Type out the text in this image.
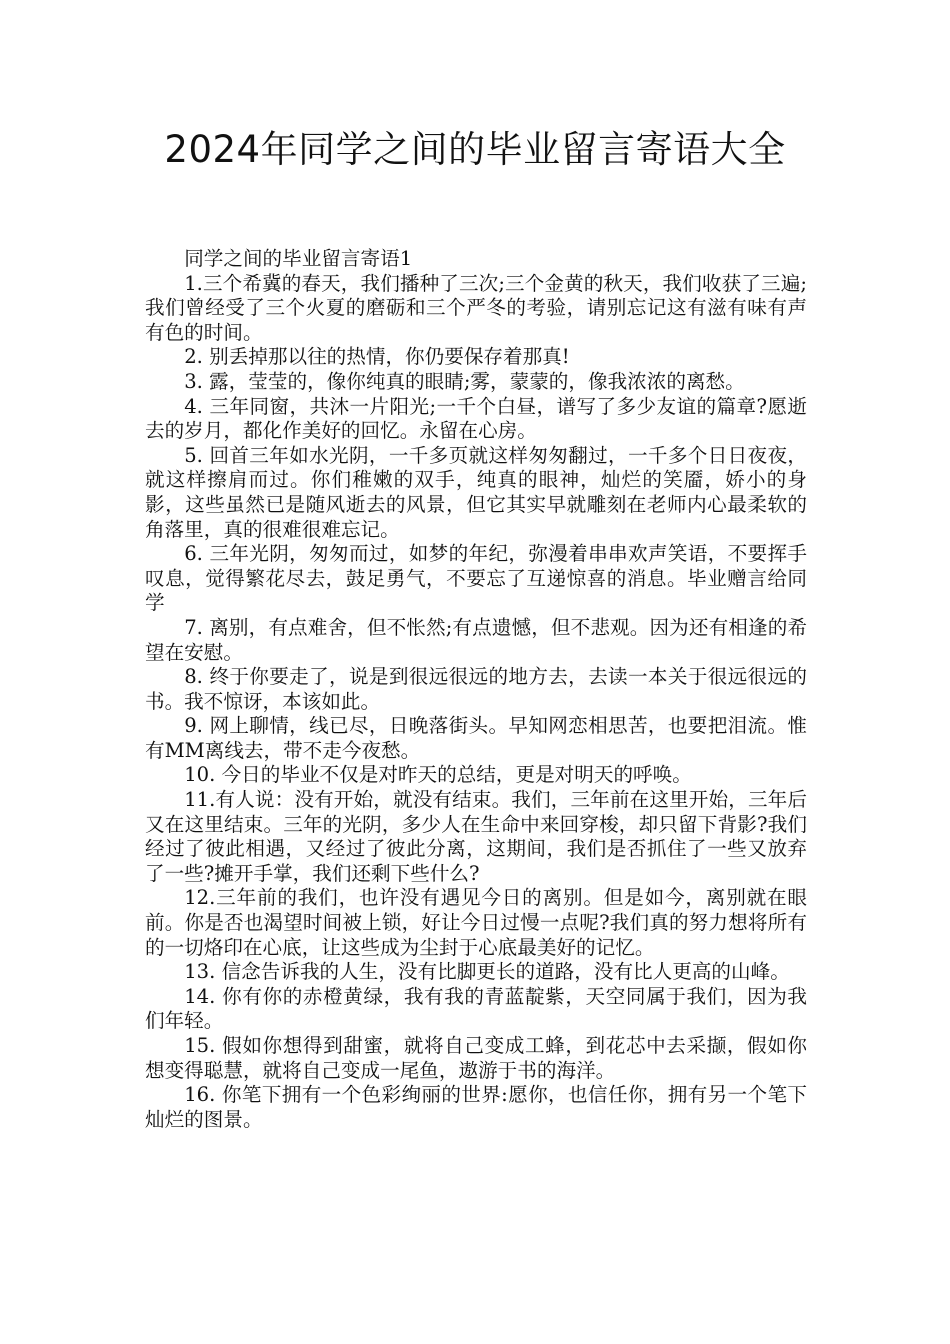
2024年同学之间的毕业留言寄语大全

同学之间的毕业留言寄语1

1.三个希冀的春天，我们播种了三次;三个金黄的秋天，我们收获了三遍;我们曾经受了三个火夏的磨砺和三个严冬的考验，请别忘记这有滋有味有声有色的时间。

2. 别丢掉那以往的热情，你仍要保存着那真!

3. 露，莹莹的，像你纯真的眼睛;雾，蒙蒙的，像我浓浓的离愁。

4. 三年同窗，共沐一片阳光;一千个白昼，谱写了多少友谊的篇章?愿逝去的岁月，都化作美好的回忆。永留在心房。

5. 回首三年如水光阴，一千多页就这样匆匆翻过，一千多个日日夜夜，就这样擦肩而过。你们稚嫩的双手，纯真的眼神，灿烂的笑靥，娇小的身影，这些虽然已是随风逝去的风景，但它其实早就雕刻在老师内心最柔软的角落里，真的很难很难忘记。

6. 三年光阴，匆匆而过，如梦的年纪，弥漫着串串欢声笑语，不要挥手叹息，觉得繁花尽去，鼓足勇气，不要忘了互递惊喜的消息。毕业赠言给同学

7. 离别，有点难舍，但不怅然;有点遗憾，但不悲观。因为还有相逢的希望在安慰。

8. 终于你要走了，说是到很远很远的地方去，去读一本关于很远很远的书。我不惊讶，本该如此。

9. 网上聊情，线已尽，日晚落街头。早知网恋相思苦，也要把泪流。惟有MM离线去，带不走今夜愁。

10. 今日的毕业不仅是对昨天的总结，更是对明天的呼唤。

11.有人说：没有开始，就没有结束。我们，三年前在这里开始，三年后又在这里结束。三年的光阴，多少人在生命中来回穿梭，却只留下背影?我们经过了彼此相遇，又经过了彼此分离，这期间，我们是否抓住了一些又放弃了一些?摊开手掌，我们还剩下些什么?

12.三年前的我们，也许没有遇见今日的离别。但是如今，离别就在眼前。你是否也渴望时间被上锁，好让今日过慢一点呢?我们真的努力想将所有的一切烙印在心底，让这些成为尘封于心底最美好的记忆。

13. 信念告诉我的人生，没有比脚更长的道路，没有比人更高的山峰。

14. 你有你的赤橙黄绿，我有我的青蓝靛紫，天空同属于我们，因为我们年轻。

15. 假如你想得到甜蜜，就将自己变成工蜂，到花芯中去采撷，假如你想变得聪慧，就将自己变成一尾鱼，遨游于书的海洋。

16. 你笔下拥有一个色彩绚丽的世界:愿你，也信任你，拥有另一个笔下灿烂的图景。
